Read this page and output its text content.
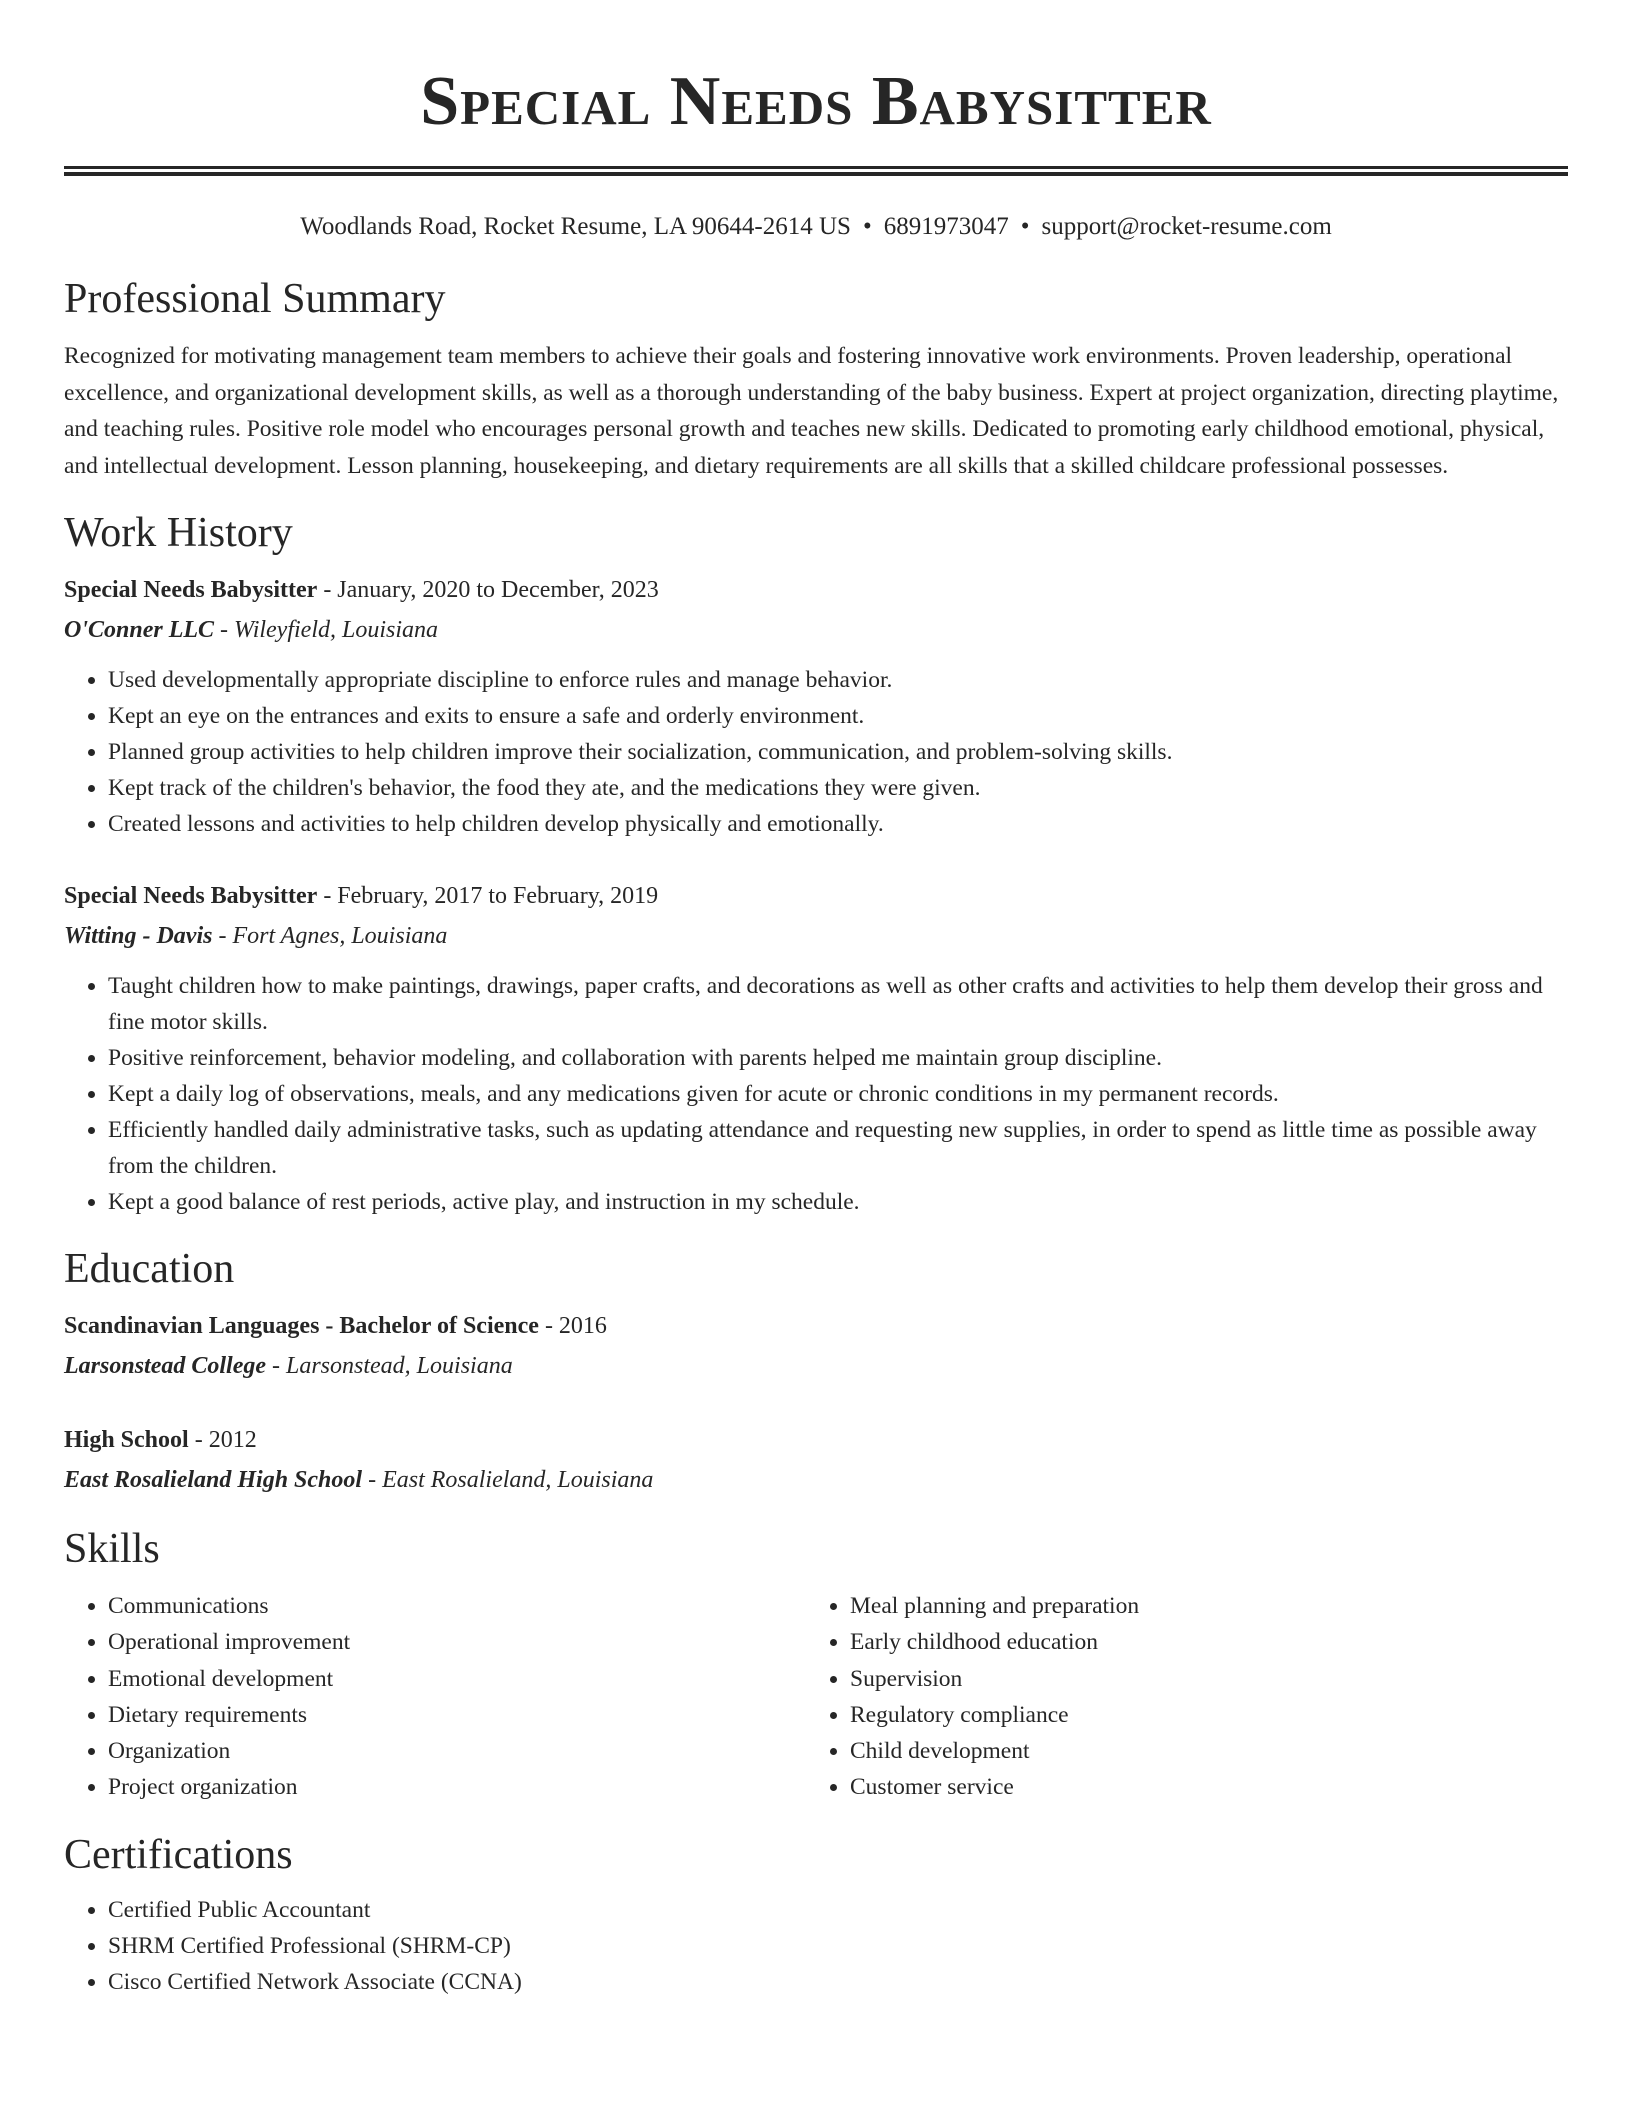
Special Needs Babysitter
Woodlands Road, Rocket Resume, LA 90644-2614 US • 6891973047 • support@rocket-resume.com
Professional Summary

Recognized for motivating management team members to achieve their goals and fostering innovative work environments. Proven leadership, operational excellence, and organizational development skills, as well as a thorough understanding of the baby business. Expert at project organization, directing playtime, and teaching rules. Positive role model who encourages personal growth and teaches new skills. Dedicated to promoting early childhood emotional, physical, and intellectual development. Lesson planning, housekeeping, and dietary requirements are all skills that a skilled childcare professional possesses.

Work History
Special Needs Babysitter - January, 2020 to December, 2023
O'Conner LLC - Wileyfield, Louisiana
• Used developmentally appropriate discipline to enforce rules and manage behavior.
• Kept an eye on the entrances and exits to ensure a safe and orderly environment.
• Planned group activities to help children improve their socialization, communication, and problem-solving skills.
• Kept track of the children's behavior, the food they ate, and the medications they were given.
• Created lessons and activities to help children develop physically and emotionally.
Special Needs Babysitter - February, 2017 to February, 2019
Witting - Davis - Fort Agnes, Louisiana
• Taught children how to make paintings, drawings, paper crafts, and decorations as well as other crafts and activities to help them develop their gross and fine motor skills.
• Positive reinforcement, behavior modeling, and collaboration with parents helped me maintain group discipline.
• Kept a daily log of observations, meals, and any medications given for acute or chronic conditions in my permanent records.
• Efficiently handled daily administrative tasks, such as updating attendance and requesting new supplies, in order to spend as little time as possible away from the children.
• Kept a good balance of rest periods, active play, and instruction in my schedule.
Education
Scandinavian Languages - Bachelor of Science - 2016
Larsonstead College - Larsonstead, Louisiana
High School - 2012
East Rosalieland High School - East Rosalieland, Louisiana
Skills
• Communications
• Operational improvement
• Emotional development
• Dietary requirements
• Organization
• Project organization
• Meal planning and preparation
• Early childhood education
• Supervision
• Regulatory compliance
• Child development
• Customer service
Certifications
• Certified Public Accountant
• SHRM Certified Professional (SHRM-CP)
• Cisco Certified Network Associate (CCNA)
